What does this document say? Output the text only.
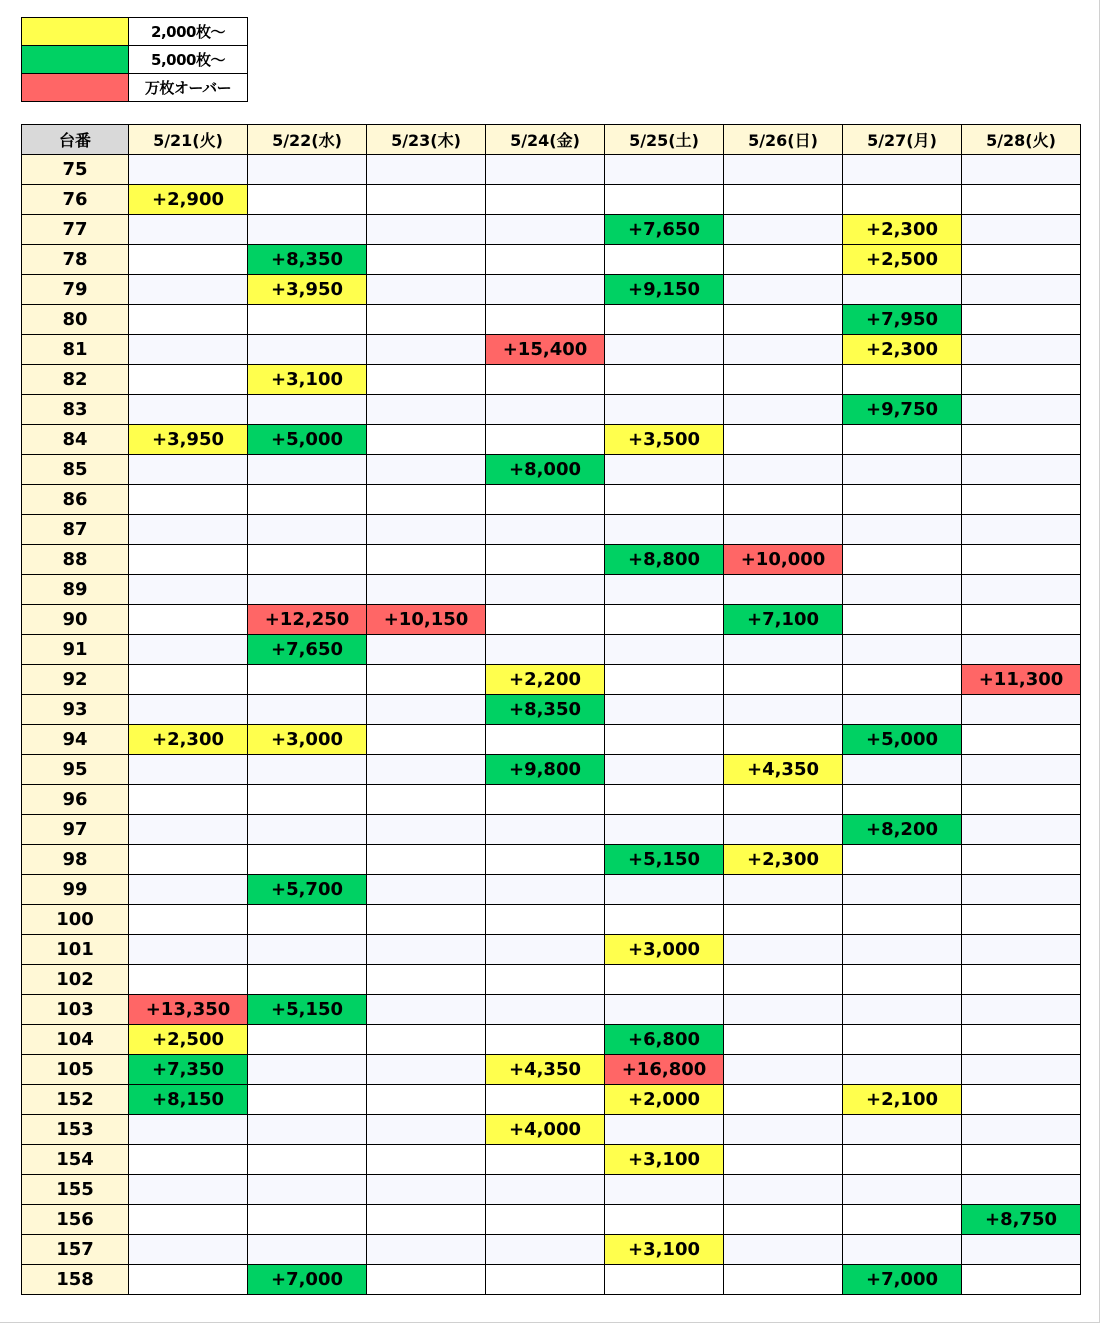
	2,000枚～
	5,000枚～
	万枚オーバー
台番	5/21(火)	5/22(水)	5/23(木)	5/24(金)	5/25(土)	5/26(日)	5/27(月)	5/28(火)
75								
76	+2,900							
77					+7,650		+2,300	
78		+8,350					+2,500	
79		+3,950			+9,150			
80							+7,950	
81				+15,400			+2,300	
82		+3,100						
83							+9,750	
84	+3,950	+5,000			+3,500			
85				+8,000				
86								
87								
88					+8,800	+10,000		
89								
90		+12,250	+10,150			+7,100		
91		+7,650						
92				+2,200				+11,300
93				+8,350				
94	+2,300	+3,000					+5,000	
95				+9,800		+4,350		
96								
97							+8,200	
98					+5,150	+2,300		
99		+5,700						
100								
101					+3,000			
102								
103	+13,350	+5,150						
104	+2,500				+6,800			
105	+7,350			+4,350	+16,800			
152	+8,150				+2,000		+2,100	
153				+4,000				
154					+3,100			
155								
156								+8,750
157					+3,100			
158		+7,000					+7,000	
